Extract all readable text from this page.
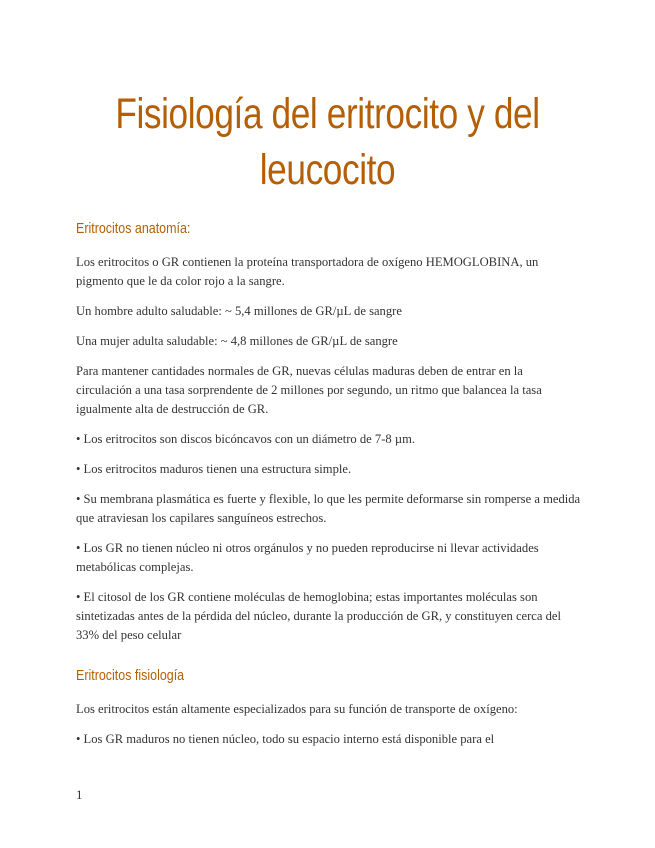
Fisiología del eritrocito y del leucocito
Eritrocitos anatomía:

Los eritrocitos o GR contienen la proteína transportadora de oxígeno HEMOGLOBINA, un pigmento que le da color rojo a la sangre.

Un hombre adulto saludable: ~ 5,4 millones de GR/µL de sangre

Una mujer adulta saludable: ~ 4,8 millones de GR/µL de sangre

Para mantener cantidades normales de GR, nuevas células maduras deben de entrar en la circulación a una tasa sorprendente de 2 millones por segundo, un ritmo que balancea la tasa igualmente alta de destrucción de GR.

• Los eritrocitos son discos bicóncavos con un diámetro de 7-8 µm.

• Los eritrocitos maduros tienen una estructura simple.

• Su membrana plasmática es fuerte y flexible, lo que les permite deformarse sin romperse a medida que atraviesan los capilares sanguíneos estrechos.

• Los GR no tienen núcleo ni otros orgánulos y no pueden reproducirse ni llevar actividades metabólicas complejas.

• El citosol de los GR contiene moléculas de hemoglobina; estas importantes moléculas son sintetizadas antes de la pérdida del núcleo, durante la producción de GR, y constituyen cerca del 33% del peso celular

Eritrocitos fisiología

Los eritrocitos están altamente especializados para su función de transporte de oxígeno:

• Los GR maduros no tienen núcleo, todo su espacio interno está disponible para el

1
